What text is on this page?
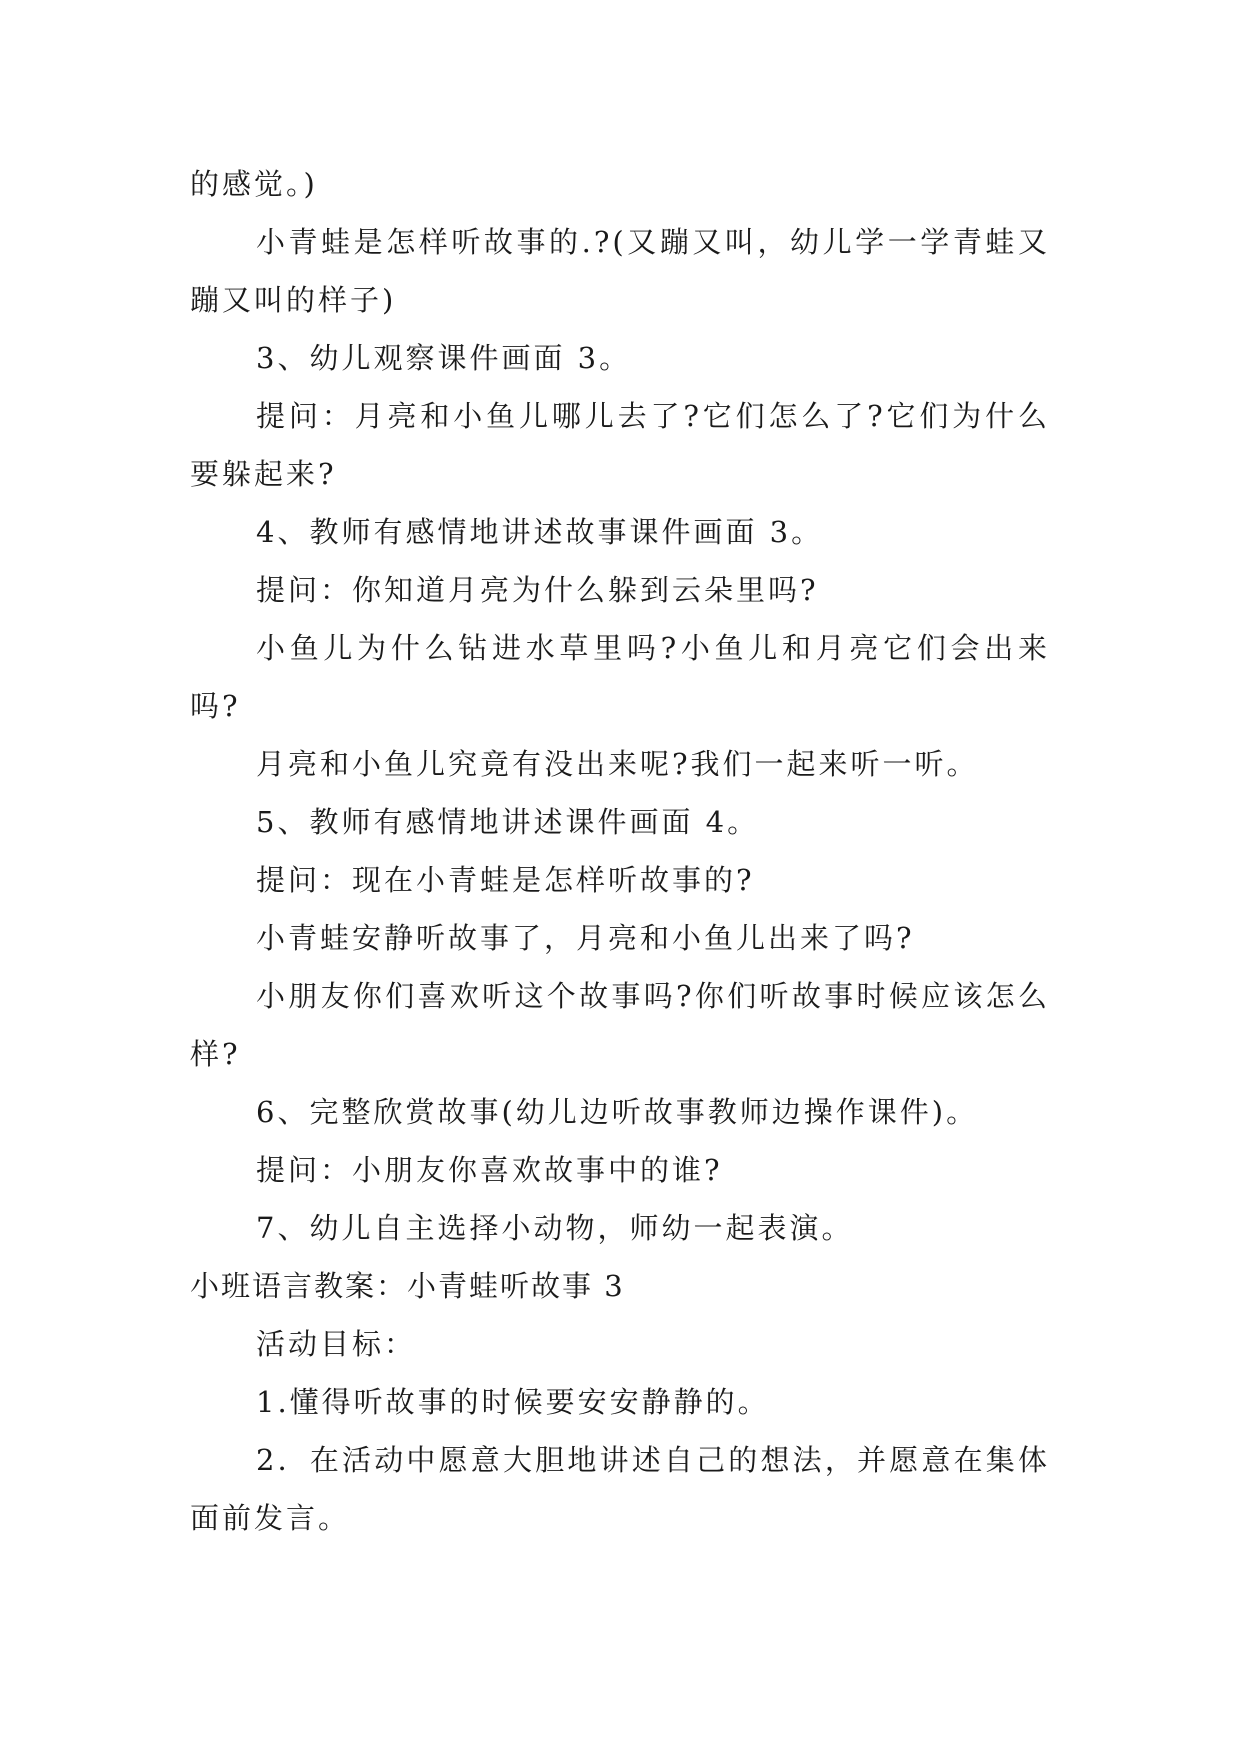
的感觉。)

小青蛙是怎样听故事的.?(又蹦又叫，幼儿学一学青蛙又蹦又叫的样子)

3、幼儿观察课件画面 3。

提问：月亮和小鱼儿哪儿去了?它们怎么了?它们为什么要躲起来?

4、教师有感情地讲述故事课件画面 3。

提问：你知道月亮为什么躲到云朵里吗?

小鱼儿为什么钻进水草里吗?小鱼儿和月亮它们会出来吗?

月亮和小鱼儿究竟有没出来呢?我们一起来听一听。

5、教师有感情地讲述课件画面 4。

提问：现在小青蛙是怎样听故事的?

小青蛙安静听故事了，月亮和小鱼儿出来了吗?

小朋友你们喜欢听这个故事吗?你们听故事时候应该怎么样?

6、完整欣赏故事(幼儿边听故事教师边操作课件)。

提问：小朋友你喜欢故事中的谁?

7、幼儿自主选择小动物，师幼一起表演。

小班语言教案：小青蛙听故事 3

活动目标：

1.懂得听故事的时候要安安静静的。

2．在活动中愿意大胆地讲述自己的想法，并愿意在集体面前发言。
